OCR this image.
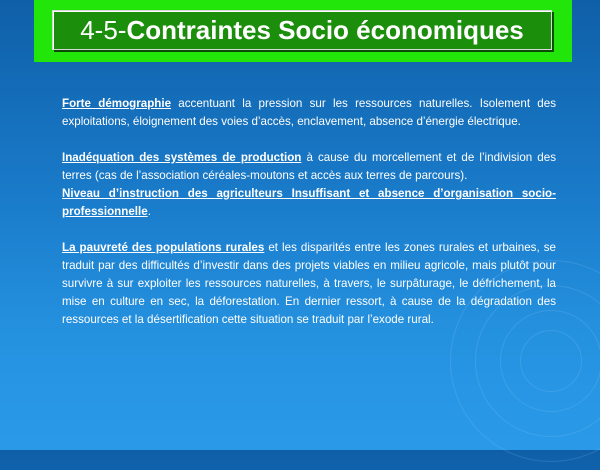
4-5-Contraintes Socio économiques

Forte démographie accentuant la pression sur les ressources naturelles. Isolement des exploitations, éloignement des voies d’accès, enclavement, absence d’énergie électrique.

Inadéquation des systèmes de production à cause du morcellement et de l’indivision des terres (cas de l’association céréales-moutons et accès aux terres de parcours).

Niveau d’instruction des agriculteurs Insuffisant et absence d’organisation socio- professionnelle.

La pauvreté des populations rurales et les disparités entre les zones rurales et urbaines, se traduit par des difficultés d’investir dans des projets viables en milieu agricole, mais plutôt pour survivre à sur exploiter les ressources naturelles, à travers, le surpâturage, le défrichement, la mise en culture en sec, la déforestation. En dernier ressort, à cause de la dégradation des ressources et la désertification cette situation se traduit par l’exode rural.
